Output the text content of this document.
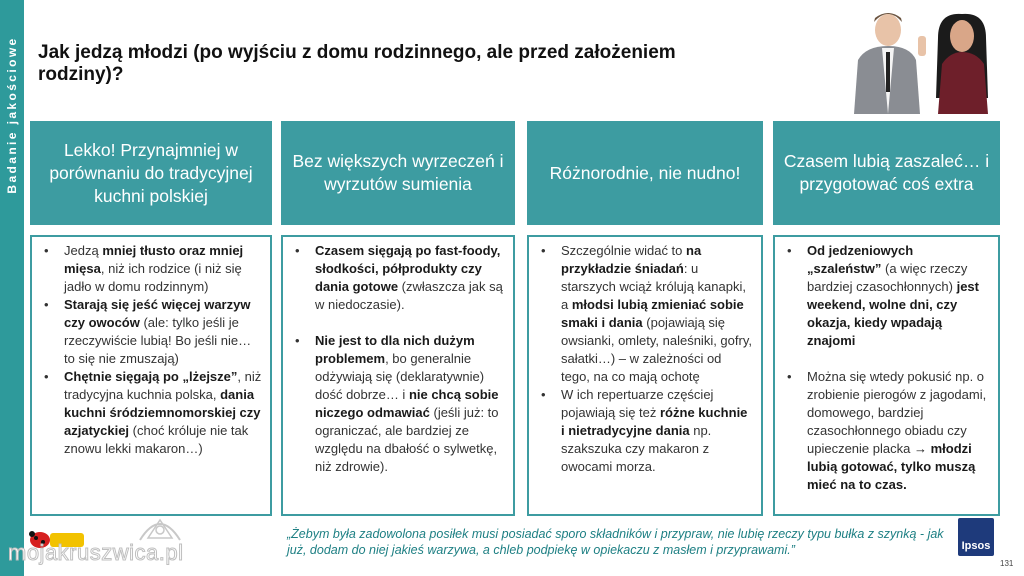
Badanie jakościowe Jak jedzą młodzi (po wyjściu z domu rodzinnego, ale przed założeniem rodziny)?
Lekko! Przynajmniej w porównaniu do tradycyjnej kuchni polskiej
• Jedzą mniej tłusto oraz mniej mięsa, niż ich rodzice (i niż się jadło w domu rodzinnym)
• Starają się jeść więcej warzyw czy owoców (ale: tylko jeśli je rzeczywiście lubią! Bo jeśli nie… to się nie zmuszają)
• Chętnie sięgają po „lżejsze”, niż tradycyjna kuchnia polska, dania kuchni śródziemnomorskiej czy azjatyckiej (choć króluje nie tak znowu lekki makaron…)
Bez większych wyrzeczeń i wyrzutów sumienia
• Czasem sięgają po fast-foody, słodkości, półprodukty czy dania gotowe (zwłaszcza jak są w niedoczasie).
• Nie jest to dla nich dużym problemem, bo generalnie odżywiają się (deklaratywnie) dość dobrze… i nie chcą sobie niczego odmawiać (jeśli już: to ograniczać, ale bardziej ze względu na dbałość o sylwetkę, niż zdrowie).
Różnorodnie, nie nudno!
• Szczególnie widać to na przykładzie śniadań: u starszych wciąż królują kanapki, a młodsi lubią zmieniać sobie smaki i dania (pojawiają się owsianki, omlety, naleśniki, gofry, sałatki…) – w zależności od tego, na co mają ochotę
• W ich repertuarze częściej pojawiają się też różne kuchnie i nietradycyjne dania np. szakszuka czy makaron z owocami morza.
Czasem lubią zaszaleć… i przygotować coś extra
• Od jedzeniowych „szaleństw” (a więc rzeczy bardziej czasochłonnych) jest weekend, wolne dni, czy okazja, kiedy wpadają znajomi
• Można się wtedy pokusić np. o zrobienie pierogów z jagodami, domowego, bardziej czasochłonnego obiadu czy upieczenie placka → młodzi lubią gotować, tylko muszą mieć na to czas.
„Żebym była zadowolona posiłek musi posiadać sporo składników i przypraw, nie lubię rzeczy typu bułka z szynką - jak już, dodam do niej jakieś warzywa, a chleb podpiekę w opiekaczu z masłem i przyprawami.”	Ipsos
131
mojakruszwica.pl
